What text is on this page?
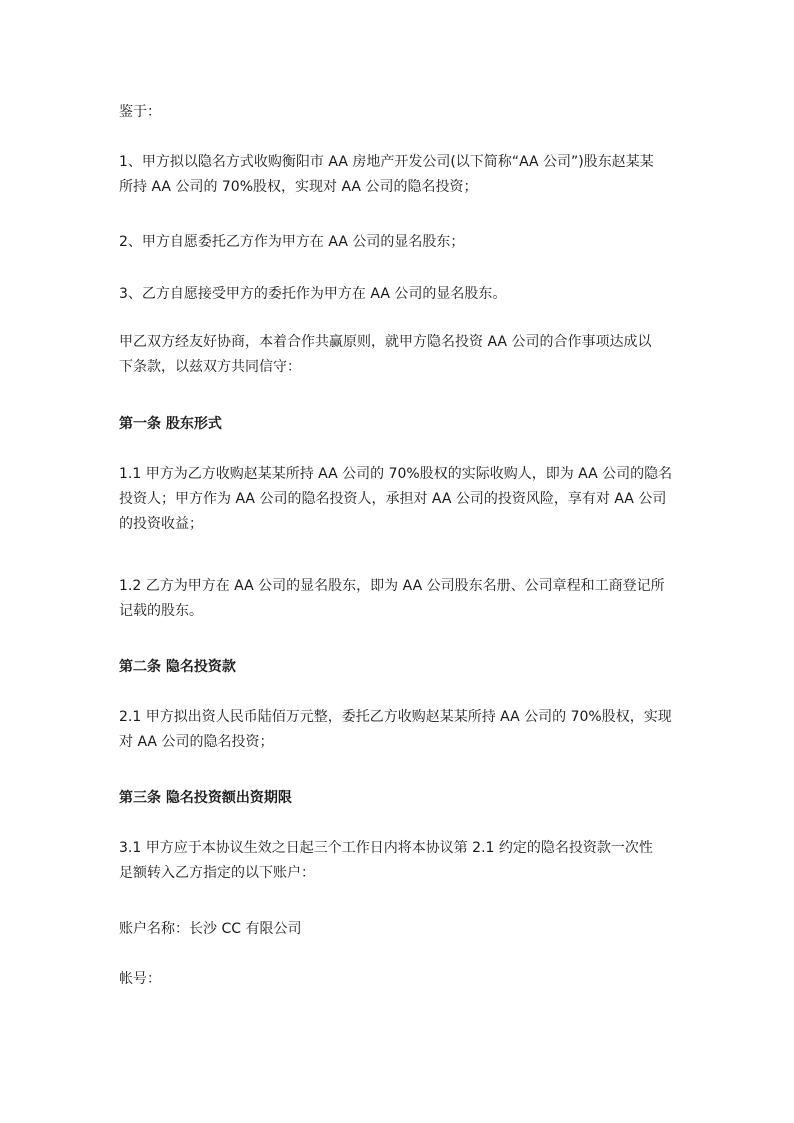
鉴于：

1、甲方拟以隐名方式收购衡阳市 AA 房地产开发公司(以下简称“AA 公司”)股东赵某某
所持 AA 公司的 70%股权，实现对 AA 公司的隐名投资；

2、甲方自愿委托乙方作为甲方在 AA 公司的显名股东；

3、乙方自愿接受甲方的委托作为甲方在 AA 公司的显名股东。

甲乙双方经友好协商，本着合作共赢原则，就甲方隐名投资 AA 公司的合作事项达成以
下条款，以兹双方共同信守：

第一条 股东形式

1.1 甲方为乙方收购赵某某所持 AA 公司的 70%股权的实际收购人，即为 AA 公司的隐名
投资人；甲方作为 AA 公司的隐名投资人，承担对 AA 公司的投资风险，享有对 AA 公司
的投资收益；

1.2 乙方为甲方在 AA 公司的显名股东，即为 AA 公司股东名册、公司章程和工商登记所
记载的股东。

第二条 隐名投资款

2.1 甲方拟出资人民币陆佰万元整，委托乙方收购赵某某所持 AA 公司的 70%股权，实现
对 AA 公司的隐名投资；

第三条 隐名投资额出资期限

3.1 甲方应于本协议生效之日起三个工作日内将本协议第 2.1 约定的隐名投资款一次性
足额转入乙方指定的以下账户：

账户名称：长沙 CC 有限公司

帐号：
